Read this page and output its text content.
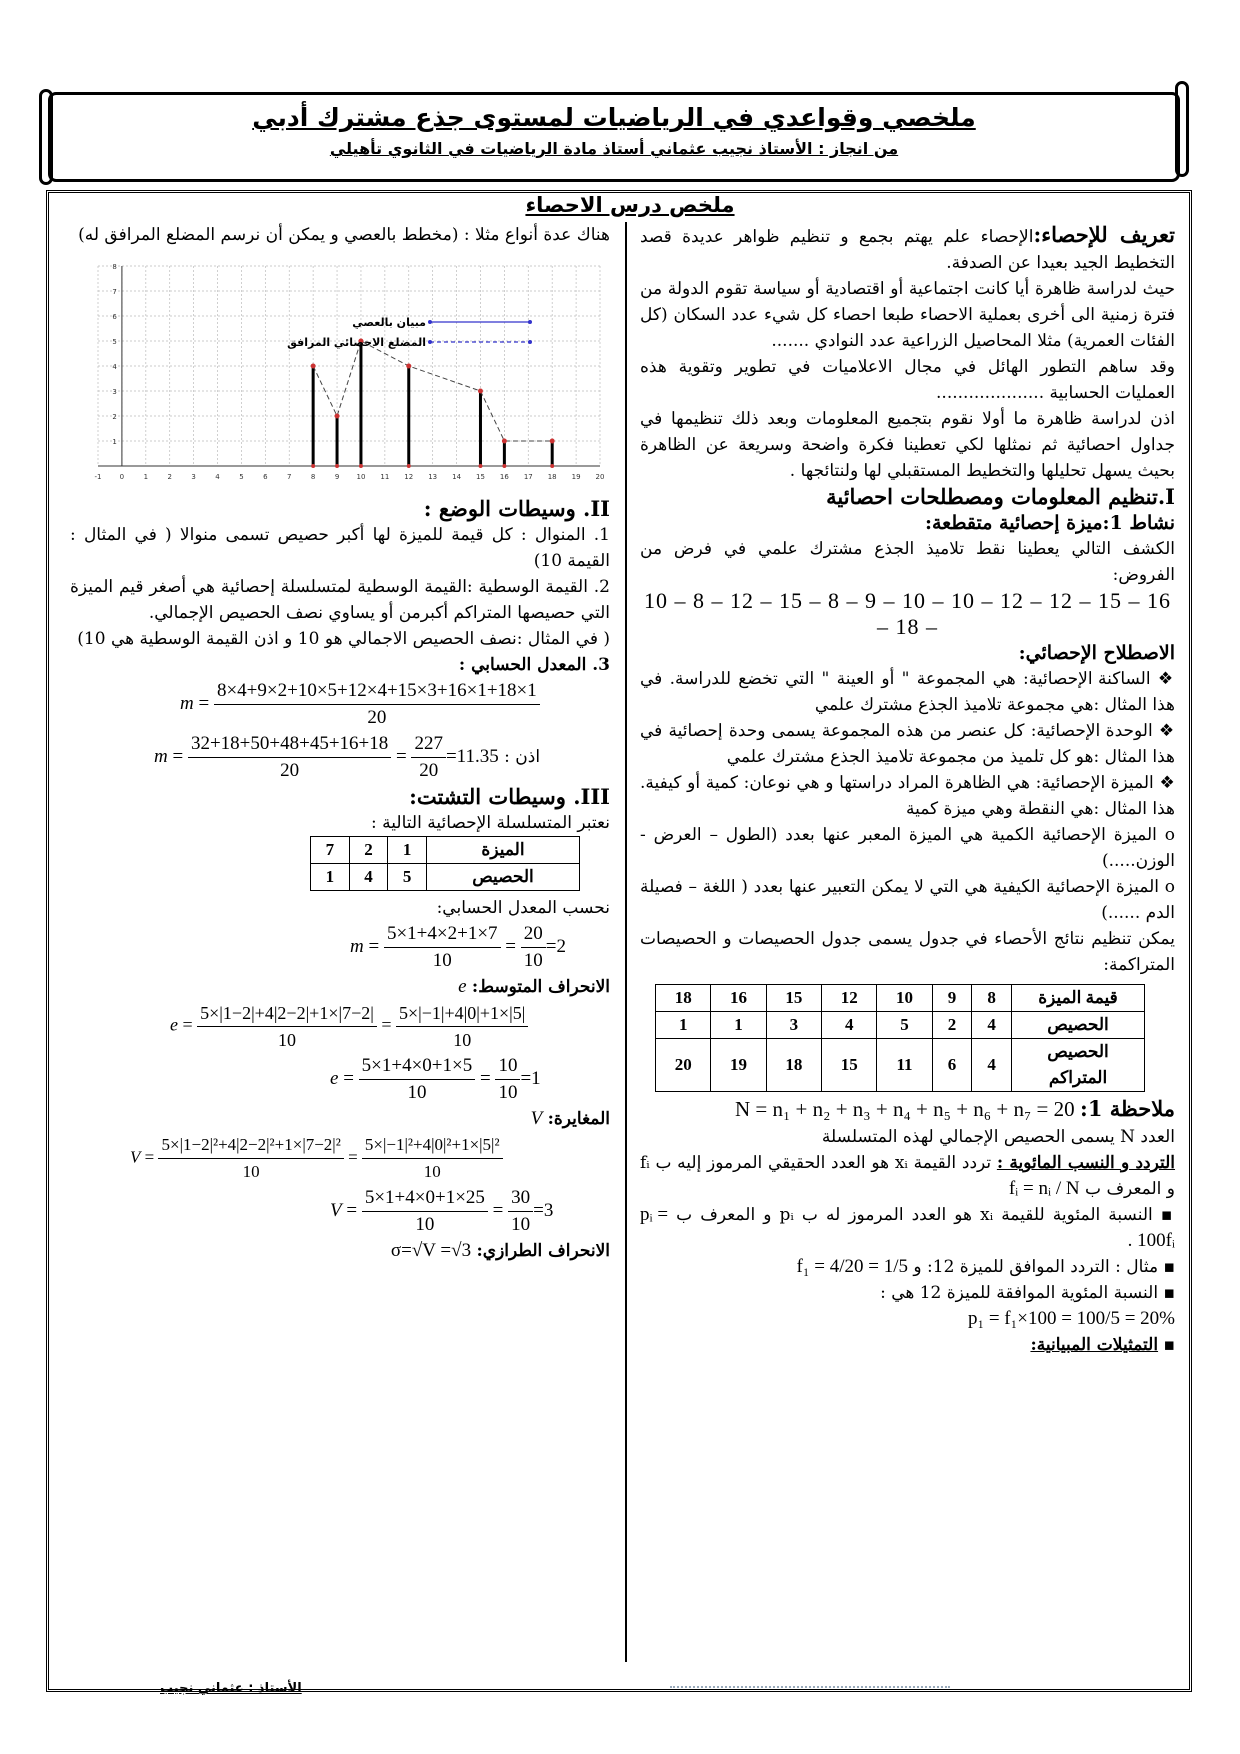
ملخصي وقواعدي في الرياضيات لمستوى جذع مشترك أدبي
من انجاز : الأستاذ نجيب عثماني أستاذ مادة الرياضيات في الثانوي تأهيلي
ملخص درس الاحصاء

تعريف للإحصاء:الإحصاء علم يهتم بجمع و تنظيم ظواهر عديدة قصد التخطيط الجيد بعيدا عن الصدفة.

حيث لدراسة ظاهرة أيا كانت اجتماعية أو اقتصادية أو سياسة تقوم الدولة من فترة زمنية الى أخرى بعملية الاحصاء طبعا احصاء كل شيء عدد السكان (كل الفئات العمرية) مثلا المحاصيل الزراعية عدد النوادي .......

وقد ساهم التطور الهائل في مجال الاعلاميات في تطوير وتقوية هذه العمليات الحسابية ....................

اذن لدراسة ظاهرة ما أولا نقوم بتجميع المعلومات وبعد ذلك تنظيمها في جداول احصائية ثم نمثلها لكي تعطينا فكرة واضحة وسريعة عن الظاهرة بحيث يسهل تحليلها والتخطيط المستقبلي لها ولنتائجها .

I.تنظيم المعلومات ومصطلحات احصائية

نشاط 1:ميزة إحصائية متقطعة:

الكشف التالي يعطينا نقط تلاميذ الجذع مشترك علمي في فرض من الفروض:

10 – 8 – 12 – 15 – 8 – 9 – 10 – 10 – 12 – 12 – 15 – 16 – 18 –

الاصطلاح الإحصائي:

❖ الساكنة الإحصائية: هي المجموعة " أو العينة " التي تخضع للدراسة. في هذا المثال :هي مجموعة تلاميذ الجذع مشترك علمي

❖ الوحدة الإحصائية: كل عنصر من هذه المجموعة يسمى وحدة إحصائية في هذا المثال :هو كل تلميذ من مجموعة تلاميذ الجذع مشترك علمي

❖ الميزة الإحصائية: هي الظاهرة المراد دراستها و هي نوعان: كمية أو كيفية. هذا المثال :هي النقطة وهي ميزة كمية

o الميزة الإحصائية الكمية هي الميزة المعبر عنها بعدد (الطول – العرض - الوزن.....)

o الميزة الإحصائية الكيفية هي التي لا يمكن التعبير عنها بعدد ( اللغة – فصيلة الدم ......)

يمكن تنظيم نتائج الأحصاء في جدول يسمى جدول الحصيصات و الحصيصات المتراكمة:

قيمة الميزة	8	9	10	12	15	16	18
الحصيص	4	2	5	4	3	1	1
الحصيص المتراكم	4	6	11	15	18	19	20

ملاحظة 1: N = n₁ + n₂ + n₃ + n₄ + n₅ + n₆ + n₇ = 20

العدد N يسمى الحصيص الإجمالي لهذه المتسلسلة

التردد و النسب المائوية : تردد القيمة xᵢ هو العدد الحقيقي المرموز إليه ب fᵢ و المعرف ب fᵢ = nᵢ / N

▪ النسبة المئوية للقيمة xᵢ هو العدد المرموز له ب pᵢ و المعرف ب pᵢ = 100fᵢ .

▪ مثال : التردد الموافق للميزة 12: و f₁ = 4/20 = 1/5

▪ النسبة المئوية الموافقة للميزة 12 هي :

p₁ = f₁×100 = 100/5 = 20%

▪ التمثيلات المبيانية:

هناك عدة أنواع مثلا : (مخطط بالعصي و يمكن أن نرسم المضلع المرافق له)

-1	0	1	2	3	4	5	6	7	8	9 10 11 12 13 14 15 16 17 18 19 20
1
2
3
4
5
6
7
8
مبيان بالعصي
المضلع الاحصائي المرافق

II. وسيطات الوضع :

1. المنوال : كل قيمة للميزة لها أكبر حصيص تسمى منوالا ( في المثال : القيمة 10)

2. القيمة الوسطية :القيمة الوسطية لمتسلسلة إحصائية هي أصغر قيم الميزة التي حصيصها المتراكم أكبرمن أو يساوي نصف الحصيص الإجمالي.

( في المثال :نصف الحصيص الاجمالي هو 10 و اذن القيمة الوسطية هي 10)

3. المعدل الحسابي :

$m = \frac{8\times 4+9\times 2+10\times 5+12\times 4+15\times 3+16\times 1+18\times 1}{20}$
اذن : $m = \frac{32+18+50+48+45+16+18}{20} = \frac{227}{20} =11.35$

III. وسيطات التشتت:

نعتبر المتسلسلة الإحصائية التالية :

الميزة	1	2	7
الحصيص	5	4	1

نحسب المعدل الحسابي:

$m = \frac{5\times 1+4\times 2+1\times 7}{10} = \frac{20}{10} =2$

الانحراف المتوسط: e

$e = \frac{5\times|1-2|+4|2-2|+1\times|7-2|}{10} = \frac{5\times|-1|+4|0|+1\times|5|}{10}$
$e = \frac{5\times 1+4\times 0+1\times 5}{10} = \frac{10}{10} =1$

المغايرة: V

$V = \frac{\text{5×|1−2|²+4|2−2|²+1×|7−2|²}}{10} = \frac{\text{5×|−1|²+4|0|²+1×|5|²}}{10}$
$V = \frac{5\times 1+4\times 0+1\times 25}{10} = \frac{30}{10} =3$

الانحراف الطرازي: σ=√V =√3

الأستاذ : عثماني نجيب
